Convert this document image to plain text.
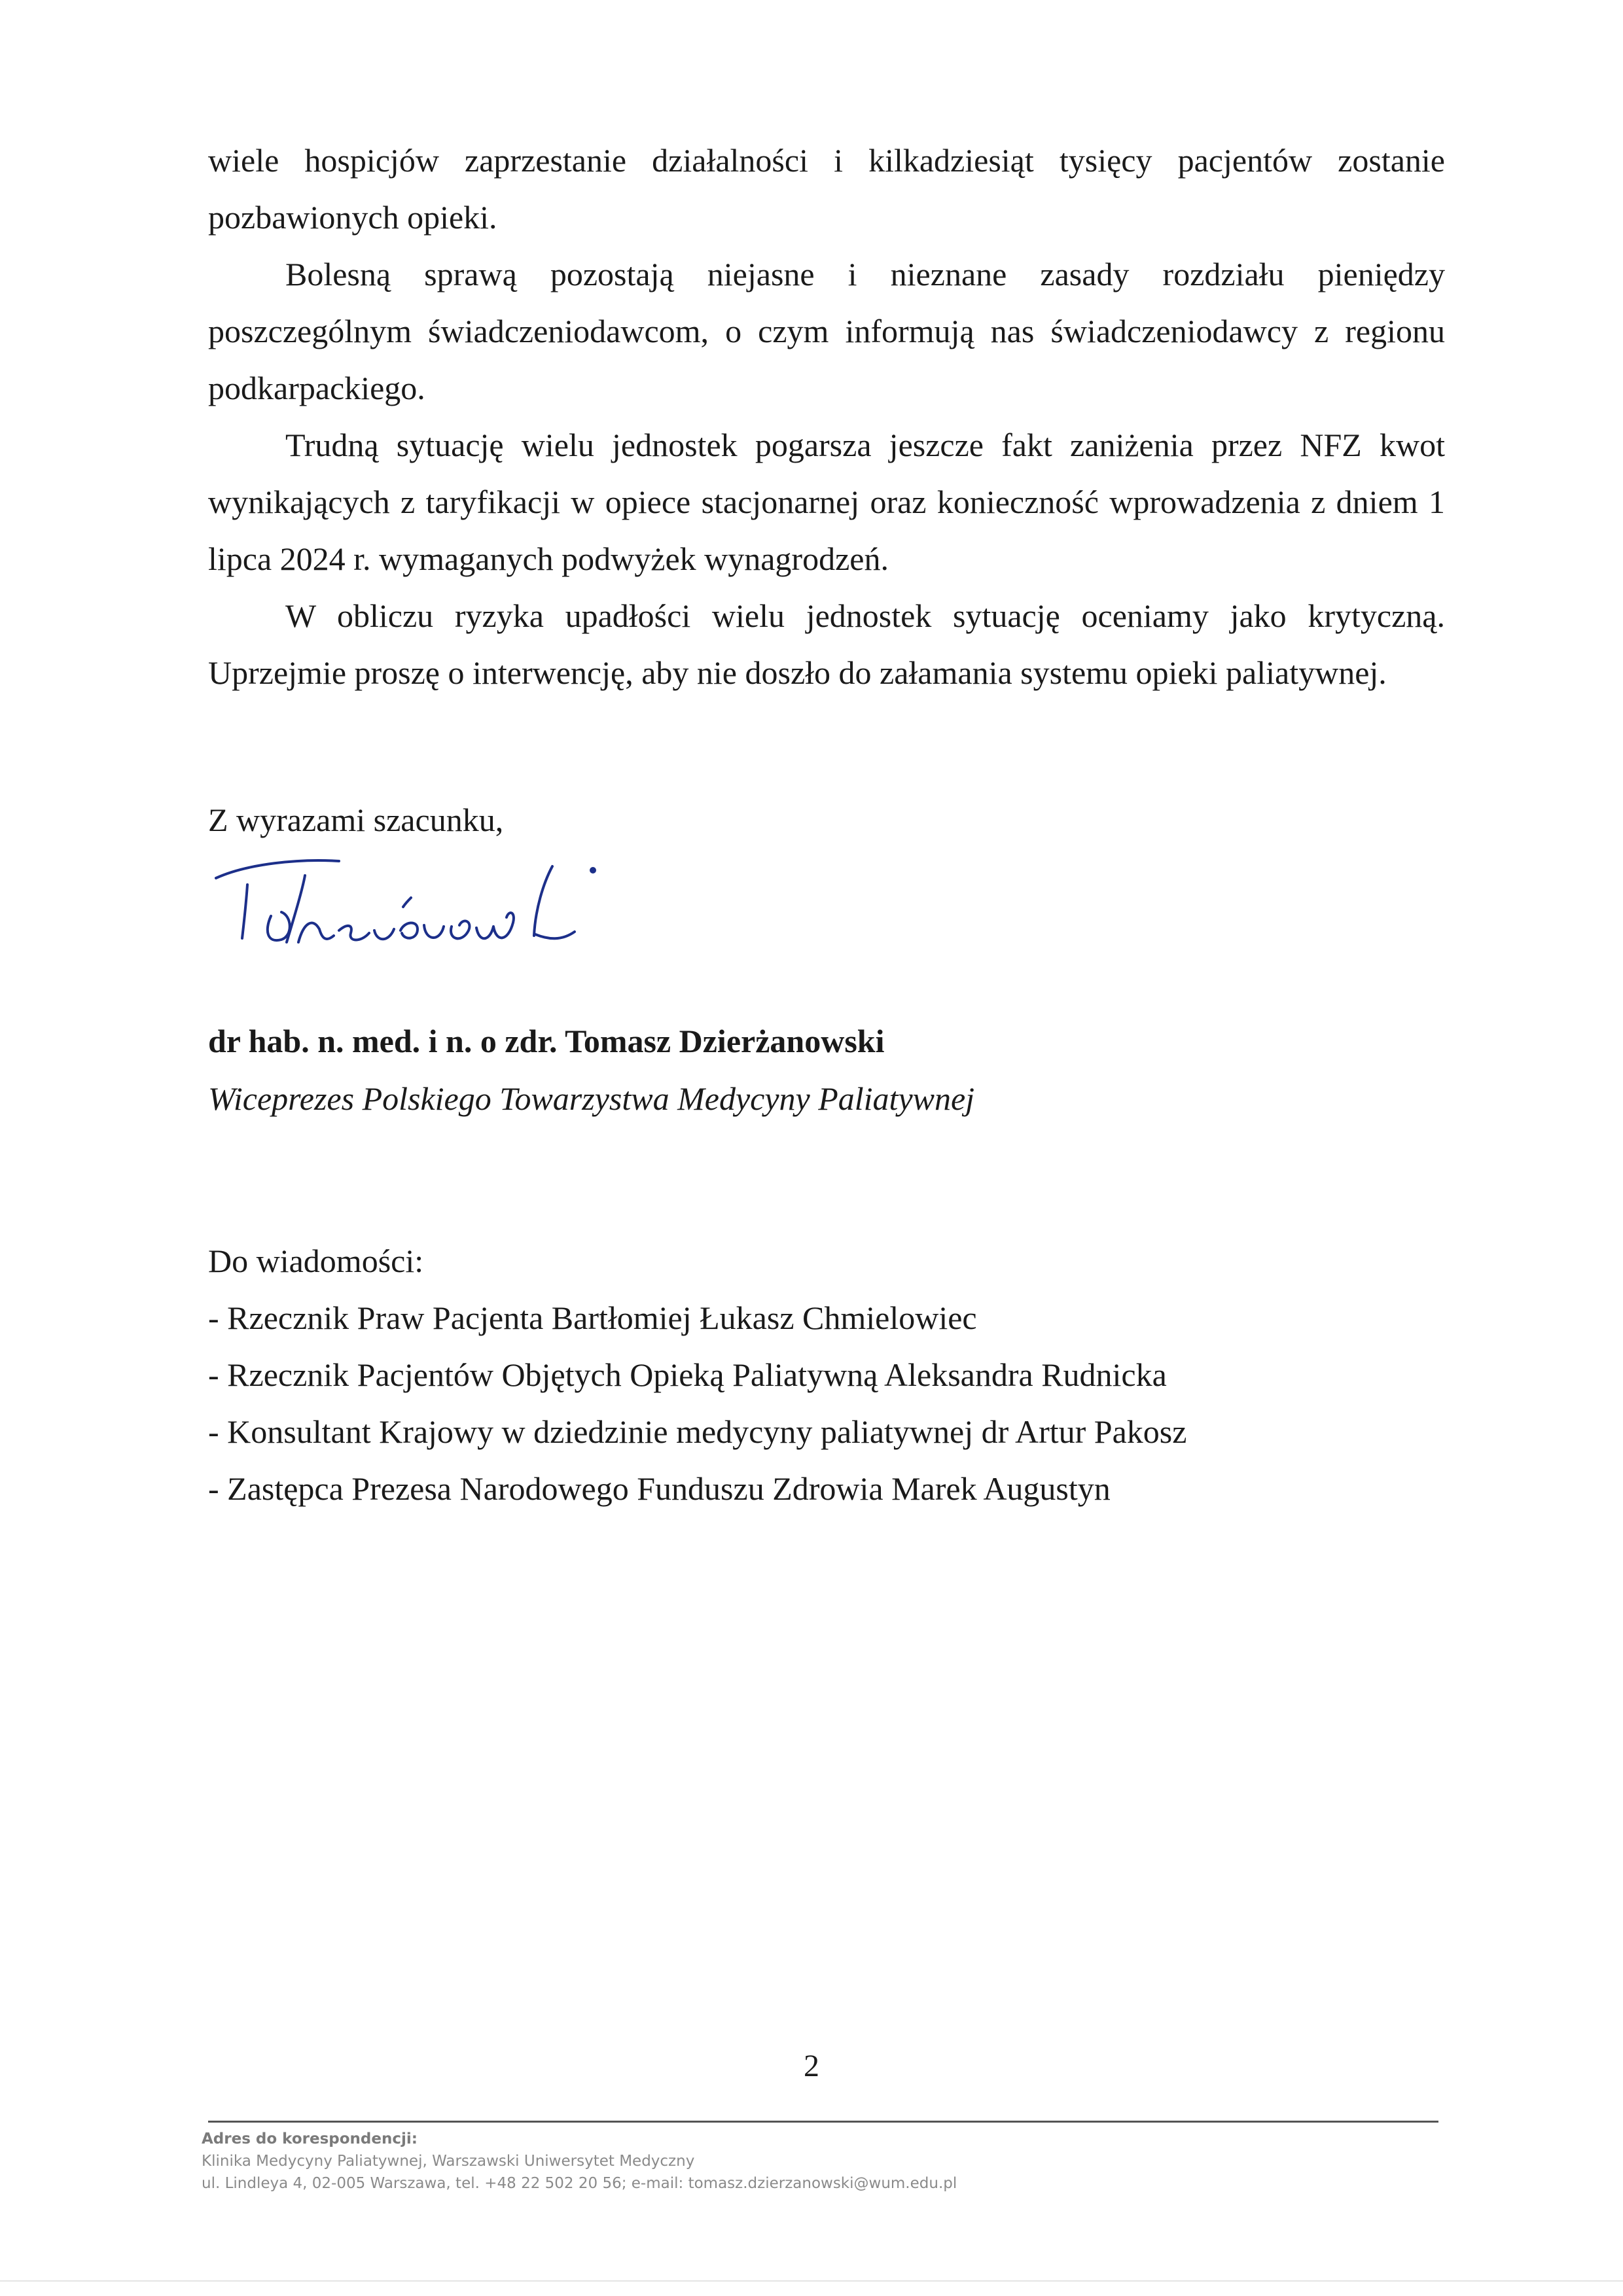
wiele hospicjów zaprzestanie działalności i kilkadziesiąt tysięcy pacjentów zostanie pozbawionych opieki.

Bolesną sprawą pozostają niejasne i nieznane zasady rozdziału pieniędzy poszczególnym świadczeniodawcom, o czym informują nas świadczeniodawcy z regionu podkarpackiego.

Trudną sytuację wielu jednostek pogarsza jeszcze fakt zaniżenia przez NFZ kwot wynikających z taryfikacji w opiece stacjonarnej oraz konieczność wprowadzenia z dniem 1 lipca 2024 r. wymaganych podwyżek wynagrodzeń.

W obliczu ryzyka upadłości wielu jednostek sytuację oceniamy jako krytyczną. Uprzejmie proszę o interwencję, aby nie doszło do załamania systemu opieki paliatywnej.

Z wyrazami szacunku,
dr hab. n. med. i n. o zdr. Tomasz Dzierżanowski
Wiceprezes Polskiego Towarzystwa Medycyny Paliatywnej
Do wiadomości:
- Rzecznik Praw Pacjenta Bartłomiej Łukasz Chmielowiec
- Rzecznik Pacjentów Objętych Opieką Paliatywną Aleksandra Rudnicka
- Konsultant Krajowy w dziedzinie medycyny paliatywnej dr Artur Pakosz
- Zastępca Prezesa Narodowego Funduszu Zdrowia Marek Augustyn
2
Adres do korespondencji:
Klinika Medycyny Paliatywnej, Warszawski Uniwersytet Medyczny
ul. Lindleya 4, 02-005 Warszawa, tel. +48 22 502 20 56; e-mail: tomasz.dzierzanowski@wum.edu.pl
